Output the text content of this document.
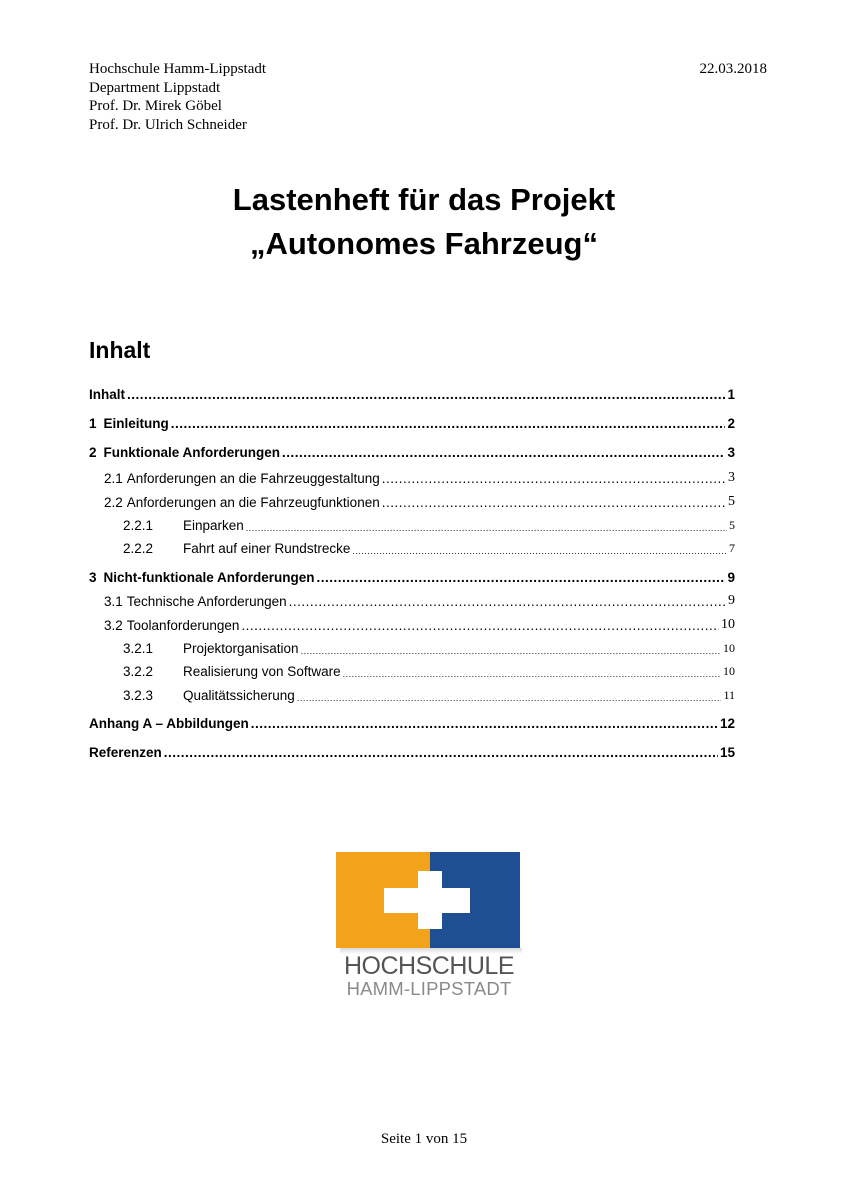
Hochschule Hamm-Lippstadt
Department Lippstadt
Prof. Dr. Mirek Göbel
Prof. Dr. Ulrich Schneider
22.03.2018
Lastenheft für das Projekt
„Autonomes Fahrzeug“
Inhalt
Inhalt .....	1
1 Einleitung .....	2
2 Funktionale Anforderungen .....	3
2.1 Anforderungen an die Fahrzeuggestaltung .....	3
2.2 Anforderungen an die Fahrzeugfunktionen .....	5
2.2.1	Einparken .....	5
2.2.2	Fahrt auf einer Rundstrecke .....	7
3 Nicht-funktionale Anforderungen .....	9
3.1 Technische Anforderungen .....	9
3.2 Toolanforderungen .....	10
3.2.1	Projektorganisation .....	10
3.2.2	Realisierung von Software .....	10
3.2.3	Qualitätssicherung .....	11
Anhang A – Abbildungen .....	12
Referenzen .....	15
HOCHSCHULE
HAMM-LIPPSTADT
Seite 1 von 15
